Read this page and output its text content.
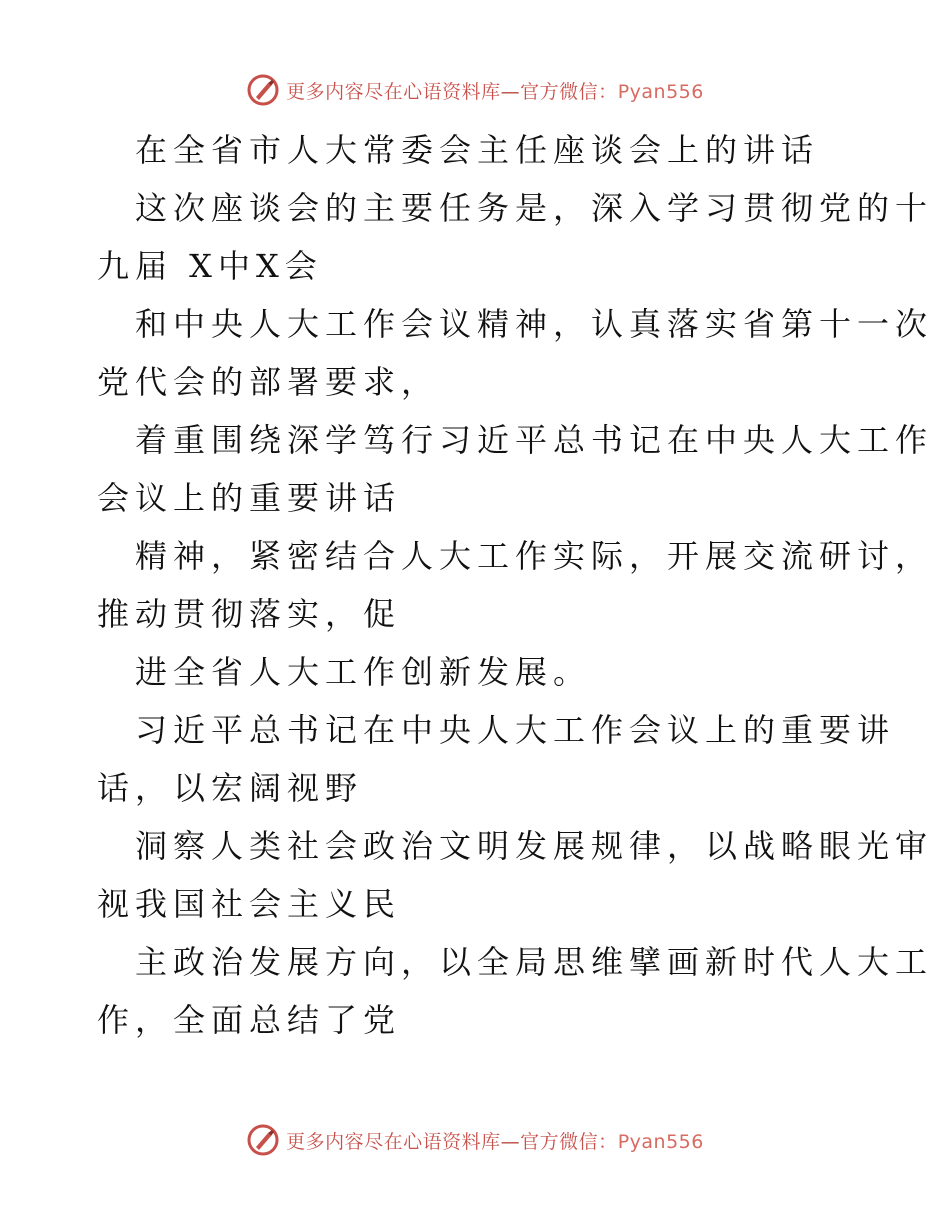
更多内容尽在心语资料库—官方微信：Pyan556
在全省市人大常委会主任座谈会上的讲话
这次座谈会的主要任务是，深入学习贯彻党的十
九届 X中X会
和中央人大工作会议精神，认真落实省第十一次
党代会的部署要求，
着重围绕深学笃行习近平总书记在中央人大工作
会议上的重要讲话
精神，紧密结合人大工作实际，开展交流研讨，
推动贯彻落实，促
进全省人大工作创新发展。
习近平总书记在中央人大工作会议上的重要讲
话，以宏阔视野
洞察人类社会政治文明发展规律，以战略眼光审
视我国社会主义民
主政治发展方向，以全局思维擘画新时代人大工
作，全面总结了党
更多内容尽在心语资料库—官方微信：Pyan556
